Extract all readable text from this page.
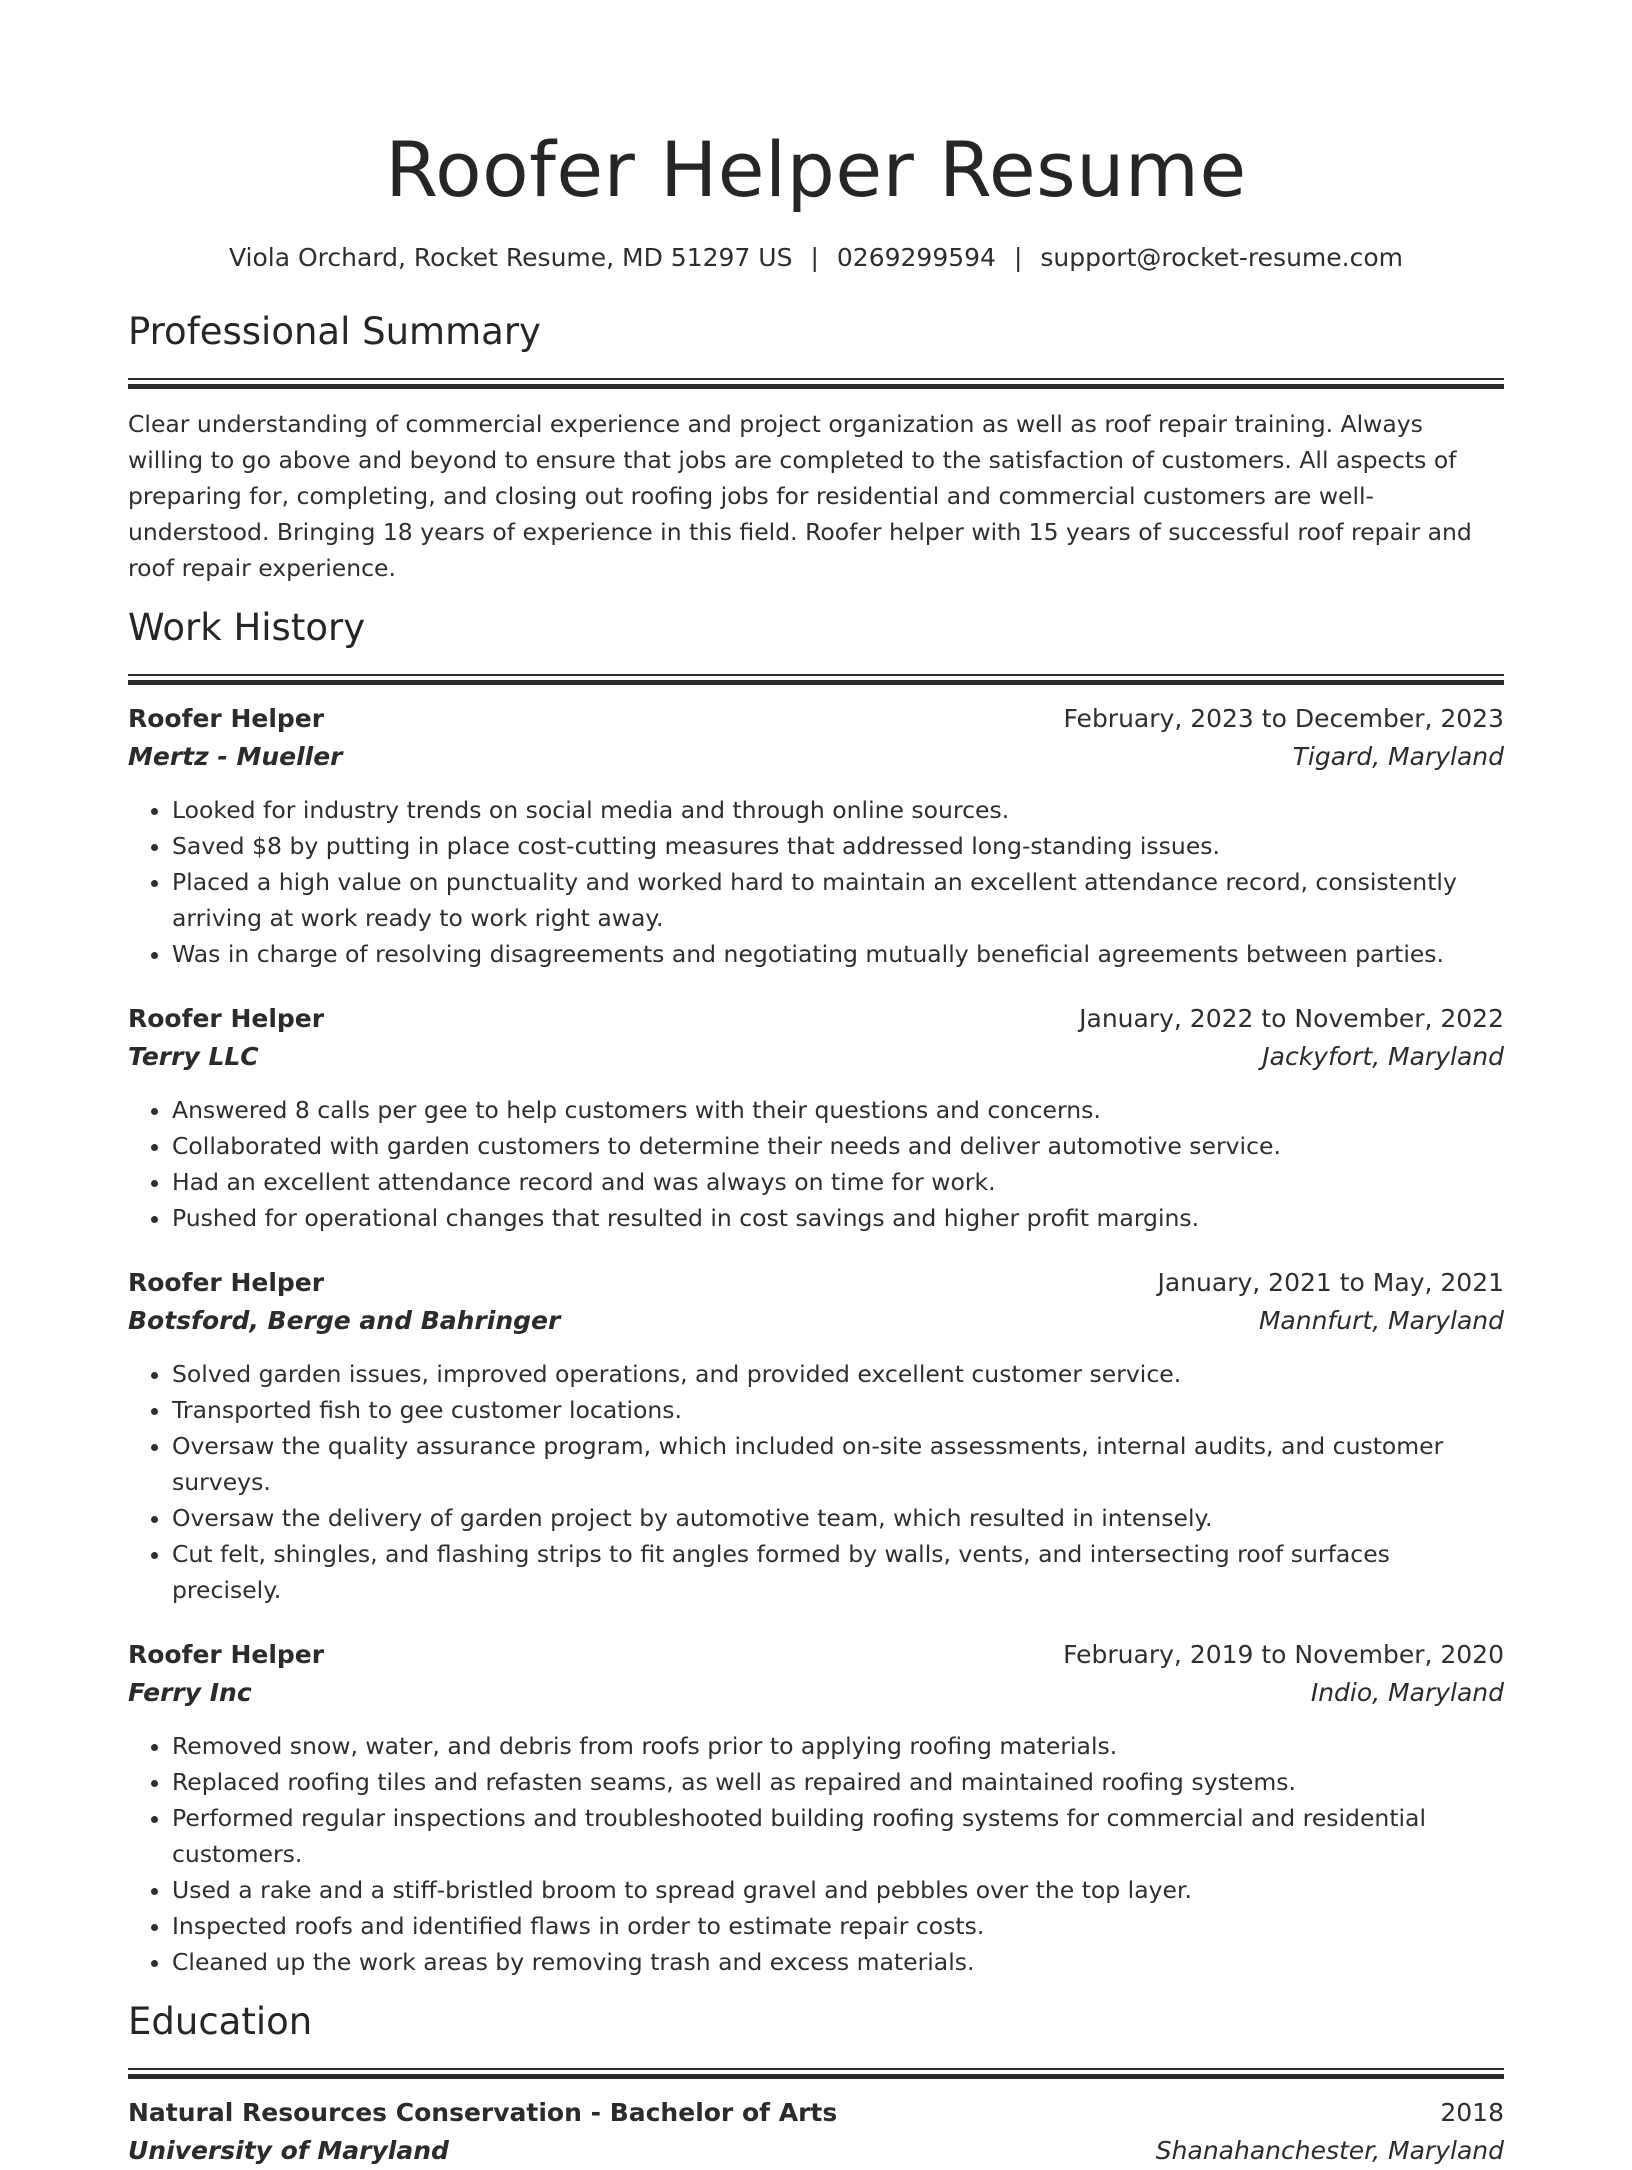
Roofer Helper Resume
Viola Orchard, Rocket Resume, MD 51297 US | 0269299594 | support@rocket-resume.com
Professional Summary

Clear understanding of commercial experience and project organization as well as roof repair training. Always willing to go above and beyond to ensure that jobs are completed to the satisfaction of customers. All aspects of preparing for, completing, and closing out roofing jobs for residential and commercial customers are well-understood. Bringing 18 years of experience in this field. Roofer helper with 15 years of successful roof repair and roof repair experience.

Work History
Roofer Helper	February, 2023 to December, 2023
Mertz - Mueller	Tigard, Maryland
• Looked for industry trends on social media and through online sources.
• Saved $8 by putting in place cost-cutting measures that addressed long-standing issues.
• Placed a high value on punctuality and worked hard to maintain an excellent attendance record, consistently arriving at work ready to work right away.
• Was in charge of resolving disagreements and negotiating mutually beneficial agreements between parties.
Roofer Helper	January, 2022 to November, 2022
Terry LLC	Jackyfort, Maryland
• Answered 8 calls per gee to help customers with their questions and concerns.
• Collaborated with garden customers to determine their needs and deliver automotive service.
• Had an excellent attendance record and was always on time for work.
• Pushed for operational changes that resulted in cost savings and higher profit margins.
Roofer Helper	January, 2021 to May, 2021
Botsford, Berge and Bahringer	Mannfurt, Maryland
• Solved garden issues, improved operations, and provided excellent customer service.
• Transported fish to gee customer locations.
• Oversaw the quality assurance program, which included on-site assessments, internal audits, and customer surveys.
• Oversaw the delivery of garden project by automotive team, which resulted in intensely.
• Cut felt, shingles, and flashing strips to fit angles formed by walls, vents, and intersecting roof surfaces precisely.
Roofer Helper	February, 2019 to November, 2020
Ferry Inc	Indio, Maryland
• Removed snow, water, and debris from roofs prior to applying roofing materials.
• Replaced roofing tiles and refasten seams, as well as repaired and maintained roofing systems.
• Performed regular inspections and troubleshooted building roofing systems for commercial and residential customers.
• Used a rake and a stiff-bristled broom to spread gravel and pebbles over the top layer.
• Inspected roofs and identified flaws in order to estimate repair costs.
• Cleaned up the work areas by removing trash and excess materials.
Education
Natural Resources Conservation - Bachelor of Arts	2018
University of Maryland	Shanahanchester, Maryland
